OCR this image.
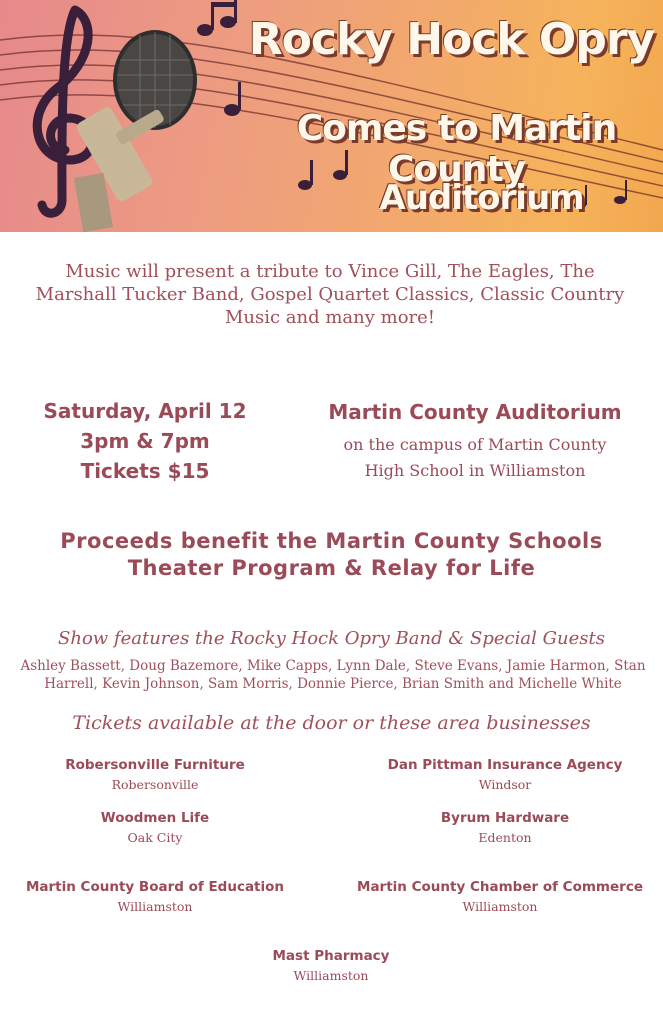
Rocky Hock Opry
Comes to Martin County
Auditorium
Music will present a tribute to Vince Gill, The Eagles, The Marshall Tucker Band, Gospel Quartet Classics, Classic Country Music and many more!
Saturday, April 12
3pm & 7pm
Tickets $15
Martin County Auditorium
on the campus of Martin County High School in Williamston
Proceeds benefit the Martin County Schools
Theater Program & Relay for Life
Show features the Rocky Hock Opry Band & Special Guests
Ashley Bassett, Doug Bazemore, Mike Capps, Lynn Dale, Steve Evans, Jamie Harmon, Stan Harrell, Kevin Johnson, Sam Morris, Donnie Pierce, Brian Smith and Michelle White
Tickets available at the door or these area businesses
Robersonville Furniture
Robersonville
Dan Pittman Insurance Agency
Windsor
Woodmen Life
Oak City
Byrum Hardware
Edenton
Martin County Board of Education
Williamston
Martin County Chamber of Commerce
Williamston
Mast Pharmacy
Williamston
